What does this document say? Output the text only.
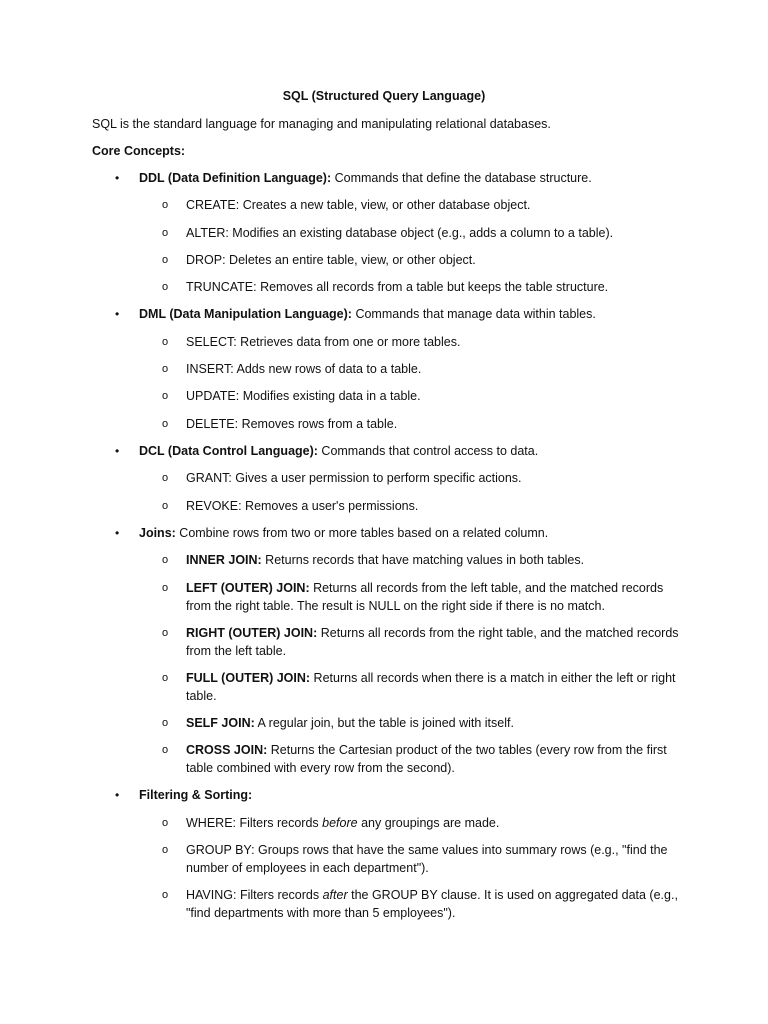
SQL (Structured Query Language)
SQL is the standard language for managing and manipulating relational databases.
Core Concepts:
• DDL (Data Definition Language): Commands that define the database structure.
o CREATE: Creates a new table, view, or other database object.
o ALTER: Modifies an existing database object (e.g., adds a column to a table).
o DROP: Deletes an entire table, view, or other object.
o TRUNCATE: Removes all records from a table but keeps the table structure.
• DML (Data Manipulation Language): Commands that manage data within tables.
o SELECT: Retrieves data from one or more tables.
o INSERT: Adds new rows of data to a table.
o UPDATE: Modifies existing data in a table.
o DELETE: Removes rows from a table.
• DCL (Data Control Language): Commands that control access to data.
o GRANT: Gives a user permission to perform specific actions.
o REVOKE: Removes a user's permissions.
• Joins: Combine rows from two or more tables based on a related column.
o INNER JOIN: Returns records that have matching values in both tables.
o LEFT (OUTER) JOIN: Returns all records from the left table, and the matched records from the right table. The result is NULL on the right side if there is no match.
o RIGHT (OUTER) JOIN: Returns all records from the right table, and the matched records from the left table.
o FULL (OUTER) JOIN: Returns all records when there is a match in either the left or right table.
o SELF JOIN: A regular join, but the table is joined with itself.
o CROSS JOIN: Returns the Cartesian product of the two tables (every row from the first table combined with every row from the second).
• Filtering & Sorting:
o WHERE: Filters records before any groupings are made.
o GROUP BY: Groups rows that have the same values into summary rows (e.g., "find the number of employees in each department").
o HAVING: Filters records after the GROUP BY clause. It is used on aggregated data (e.g., "find departments with more than 5 employees").
